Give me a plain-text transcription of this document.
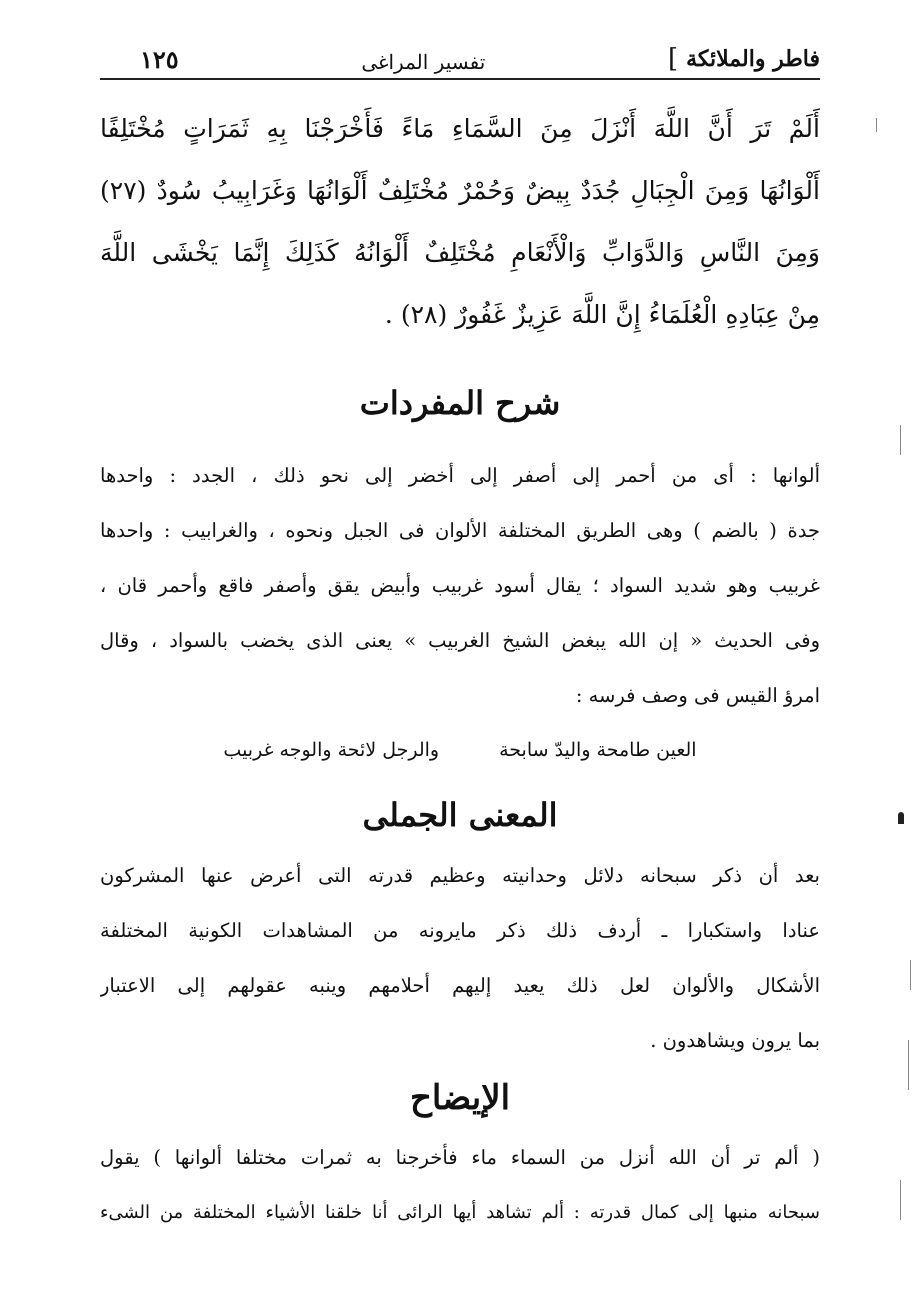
فاطر والملائكة
]
تفسير المراغى
١٢٥
أَلَمْ تَرَ أَنَّ اللَّهَ أَنْزَلَ مِنَ السَّمَاءِ مَاءً فَأَخْرَجْنَا بِهِ ثَمَرَاتٍ مُخْتَلِفًا
أَلْوَانُهَا وَمِنَ الْجِبَالِ جُدَدٌ بِيضٌ وَحُمْرٌ مُخْتَلِفٌ أَلْوَانُهَا وَغَرَابِيبُ سُودٌ (٢٧)
وَمِنَ النَّاسِ وَالدَّوَابِّ وَالْأَنْعَامِ مُخْتَلِفٌ أَلْوَانُهُ كَذَلِكَ إِنَّمَا يَخْشَى اللَّهَ
مِنْ عِبَادِهِ الْعُلَمَاءُ إِنَّ اللَّهَ عَزِيزٌ غَفُورٌ (٢٨) .
شرح المفردات
ألوانها : أى من أحمر إلى أصفر إلى أخضر إلى نحو ذلك ، الجدد : واحدها
جدة ( بالضم ) وهى الطريق المختلفة الألوان فى الجبل ونحوه ، والغرابيب : واحدها
غربيب وهو شديد السواد ؛ يقال أسود غربيب وأبيض يقق وأصفر فاقع وأحمر قان ،
وفى الحديث « إن الله يبغض الشيخ الغربيب » يعنى الذى يخضب بالسواد ، وقال
امرؤ القيس فى وصف فرسه :
العين طامحة واليدّ سابحة
والرجل لائحة والوجه غربيب
المعنى الجملى
بعد أن ذكر سبحانه دلائل وحدانيته وعظيم قدرته التى أعرض عنها المشركون
عنادا واستكبارا ـ أردف ذلك ذكر مايرونه من المشاهدات الكونية المختلفة
الأشكال والألوان لعل ذلك يعيد إليهم أحلامهم وينبه عقولهم إلى الاعتبار
بما يرون ويشاهدون .
الإيضاح
( ألم تر أن الله أنزل من السماء ماء فأخرجنا به ثمرات مختلفا ألوانها ) يقول
سبحانه منبها إلى كمال قدرته : ألم تشاهد أيها الرائى أنا خلقنا الأشياء المختلفة من الشىء
